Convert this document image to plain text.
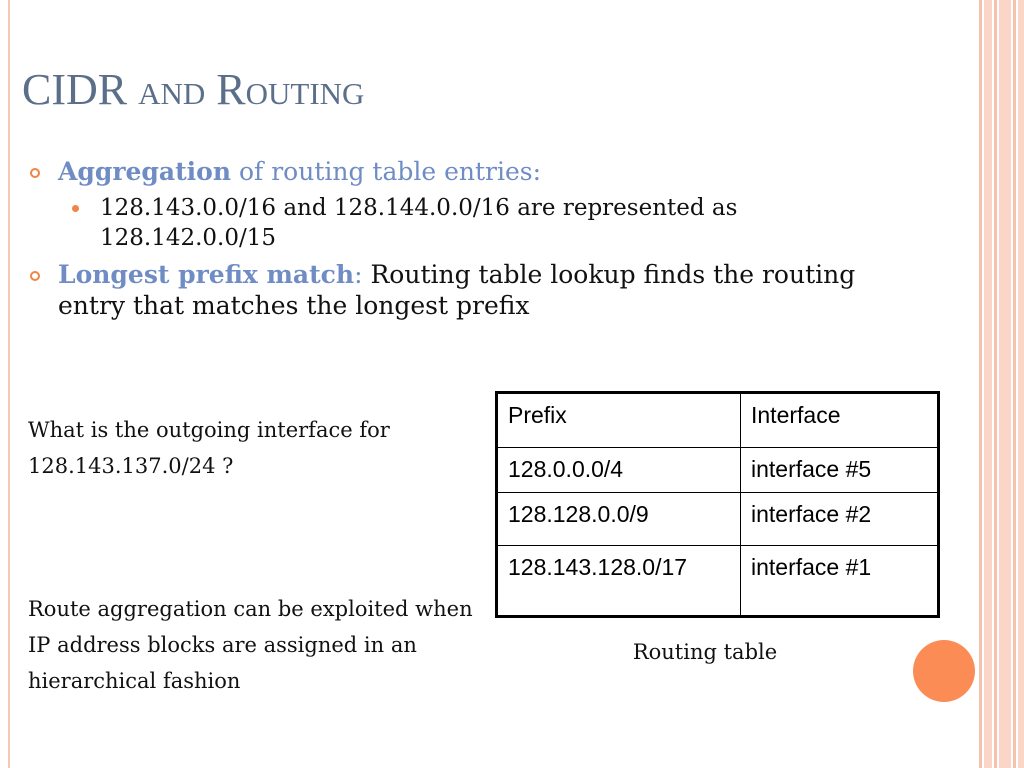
CIDR and Routing
Aggregation of routing table entries:
128.143.0.0/16 and 128.144.0.0/16 are represented as 128.142.0.0/15
Longest prefix match: Routing table lookup finds the routing entry that matches the longest prefix
What is the outgoing interface for 128.143.137.0/24 ?
Route aggregation can be exploited when IP address blocks are assigned in an hierarchical fashion
Prefix	Interface
128.0.0.0/4	interface #5
128.128.0.0/9	interface #2
128.143.128.0/17	interface #1
Routing table
